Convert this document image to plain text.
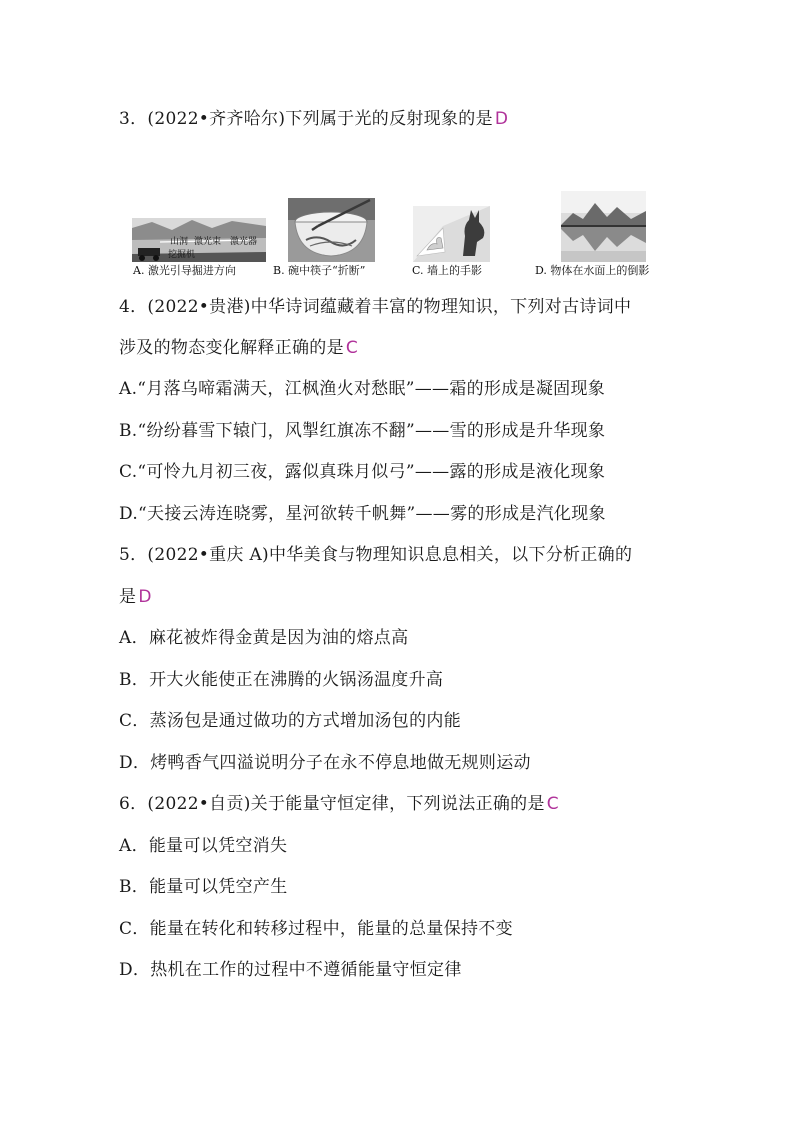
3．(2022•齐齐哈尔)下列属于光的反射现象的是 D
山洞 激光束 激光器
挖掘机
A. 激光引导掘进方向	B. 碗中筷子“折断”	C. 墙上的手影	D. 物体在水面上的倒影
4．(2022•贵港)中华诗词蕴藏着丰富的物理知识，下列对古诗词中
涉及的物态变化解释正确的是 C
A.“月落乌啼霜满天，江枫渔火对愁眠”——霜的形成是凝固现象
B.“纷纷暮雪下辕门，风掣红旗冻不翻”——雪的形成是升华现象
C.“可怜九月初三夜，露似真珠月似弓”——露的形成是液化现象
D.“天接云涛连晓雾，星河欲转千帆舞”——雾的形成是汽化现象
5．(2022•重庆 A)中华美食与物理知识息息相关，以下分析正确的
是 D
A．麻花被炸得金黄是因为油的熔点高
B．开大火能使正在沸腾的火锅汤温度升高
C．蒸汤包是通过做功的方式增加汤包的内能
D．烤鸭香气四溢说明分子在永不停息地做无规则运动
6．(2022•自贡)关于能量守恒定律，下列说法正确的是 C
A．能量可以凭空消失
B．能量可以凭空产生
C．能量在转化和转移过程中，能量的总量保持不变
D．热机在工作的过程中不遵循能量守恒定律
